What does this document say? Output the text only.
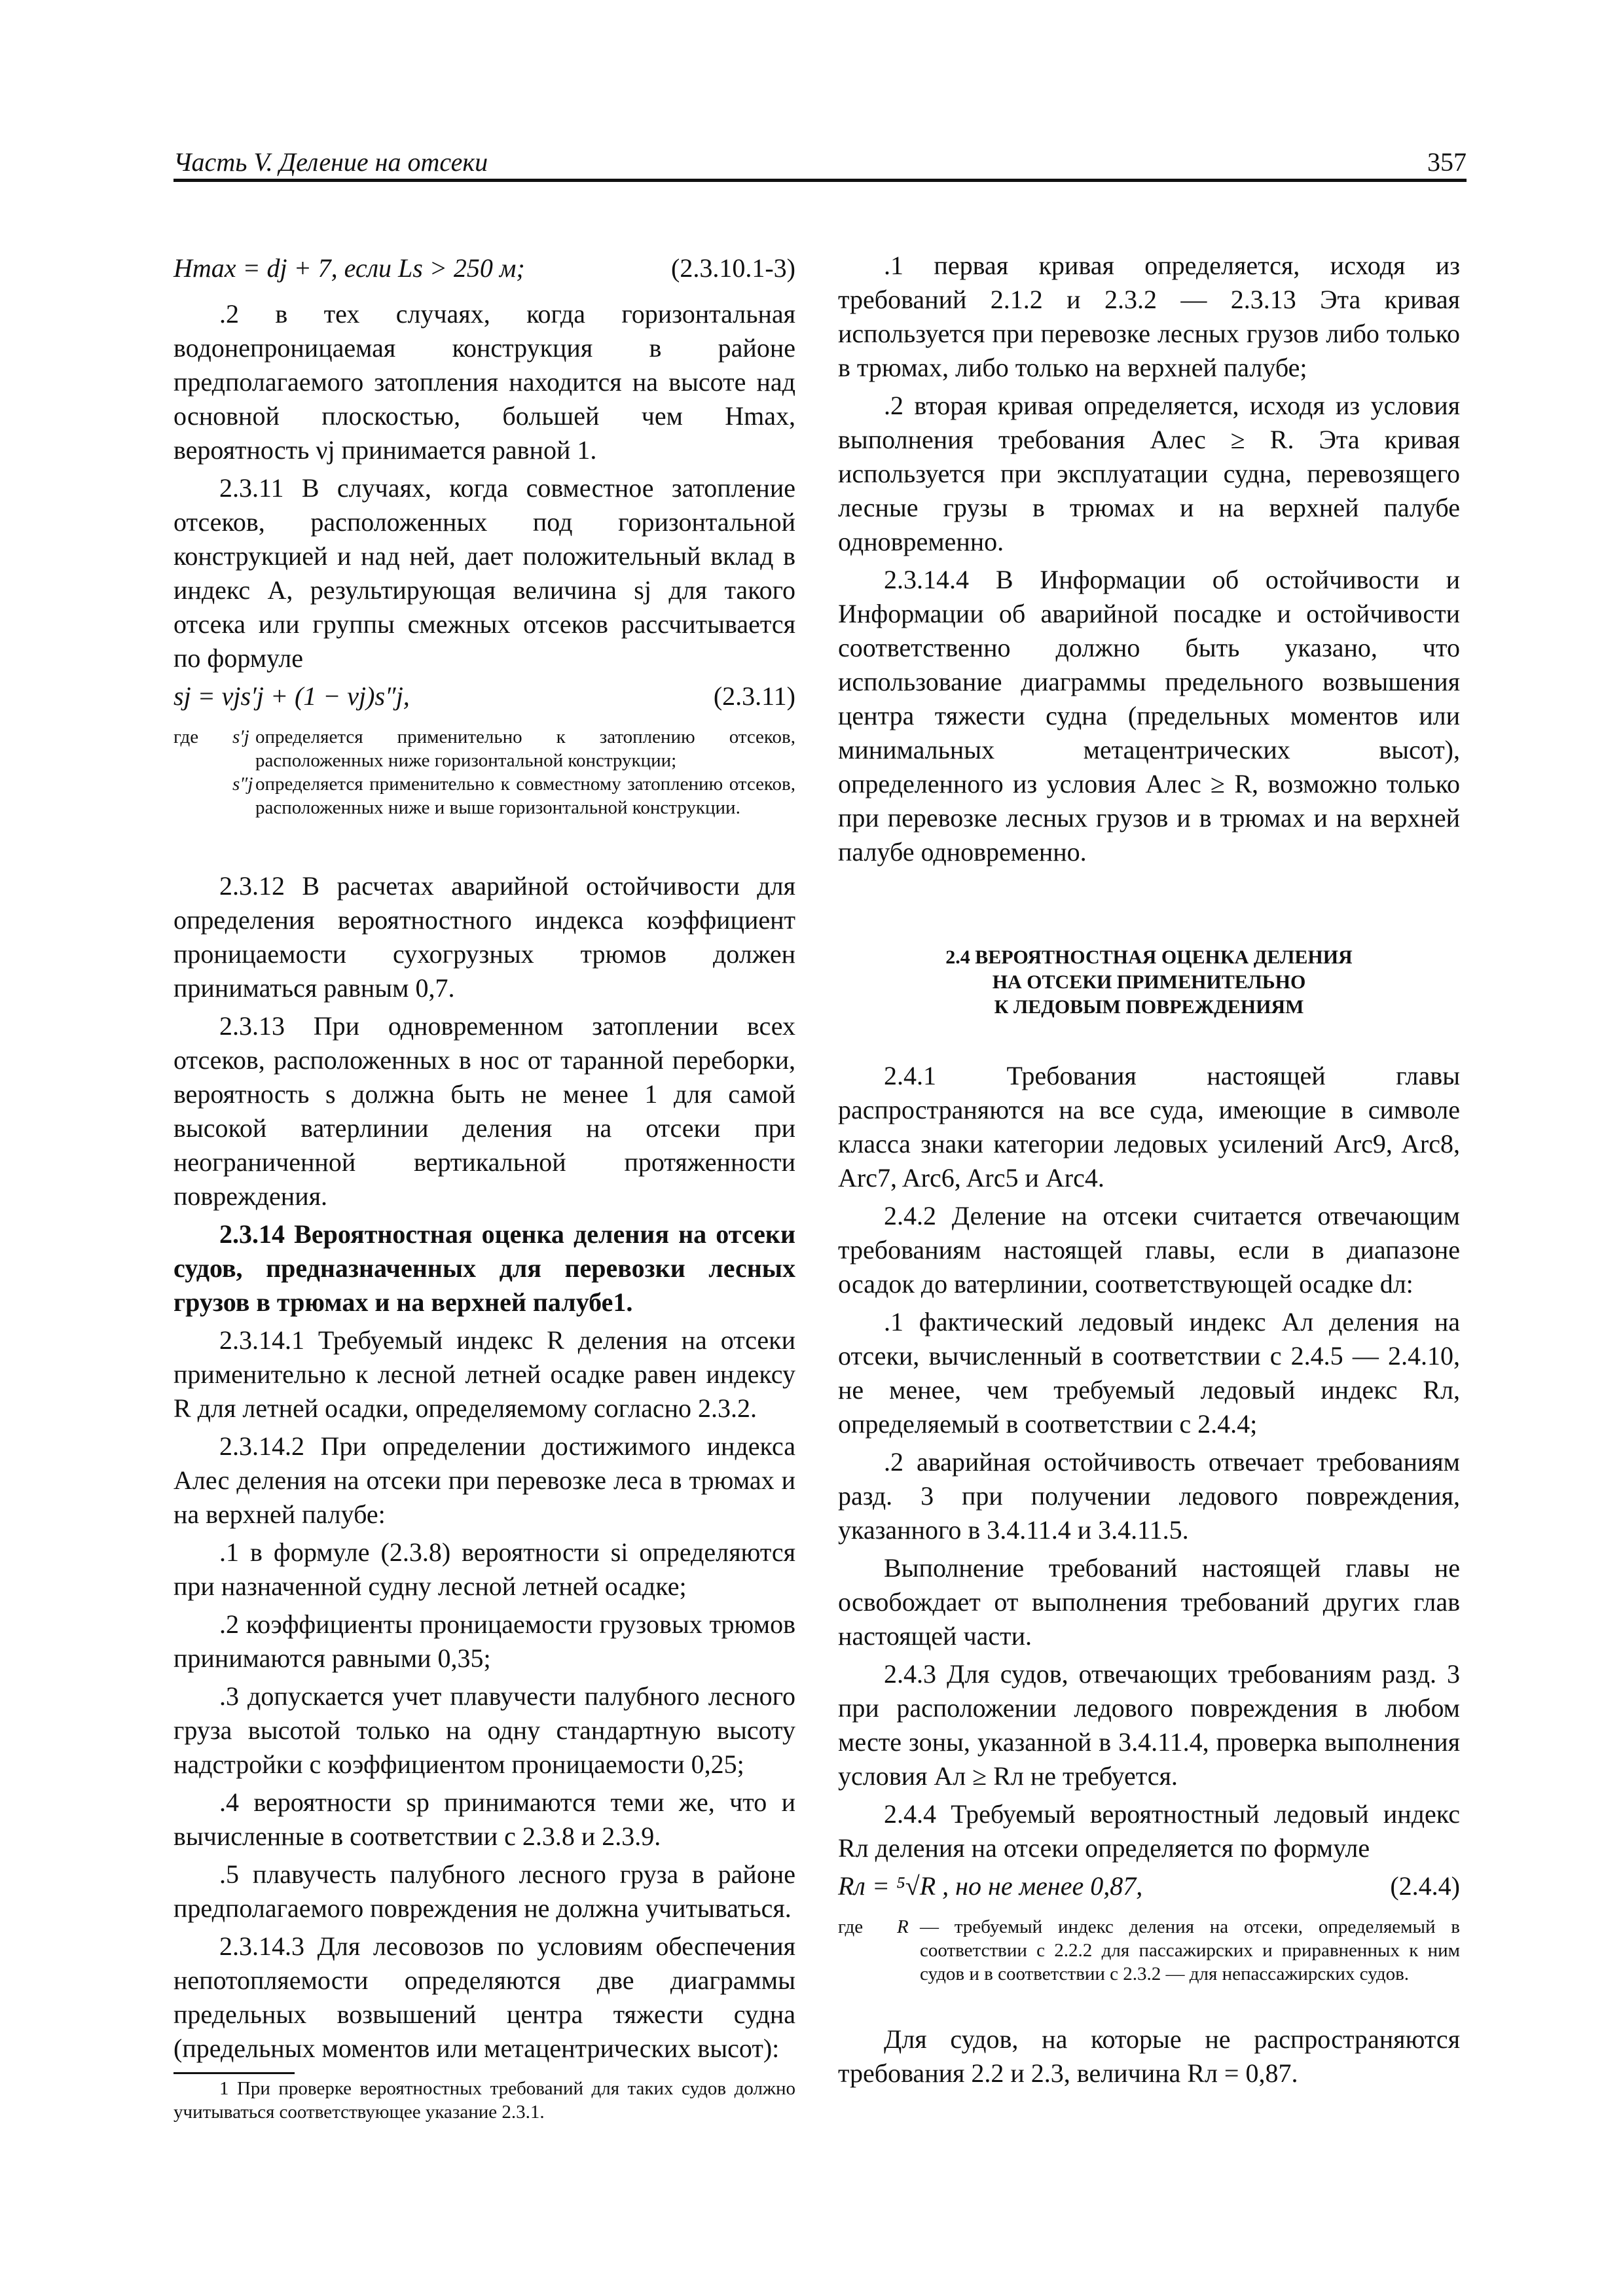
Часть V. Деление на отсеки	357
Hmax = dj + 7, если Ls > 250 м;	(2.3.10.1-3)

.2 в тех случаях, когда горизонтальная водонепроницаемая конструкция в районе предполагаемого затопления находится на высоте над основной плоскостью, большей чем Hmax, вероятность νj принимается равной 1.

2.3.11 В случаях, когда совместное затопление отсеков, расположенных под горизонтальной конструкцией и над ней, дает положительный вклад в индекс A, результирующая величина sj для такого отсека или группы смежных отсеков рассчитывается по формуле

sj = νjs′j + (1 − νj)s″j,	(2.3.11)
где s′j определяется применительно к затоплению отсеков, расположенных ниже горизонтальной конструкции;
s″j определяется применительно к совместному затоплению отсеков, расположенных ниже и выше горизонтальной конструкции.

2.3.12 В расчетах аварийной остойчивости для определения вероятностного индекса коэффициент проницаемости сухогрузных трюмов должен приниматься равным 0,7.

2.3.13 При одновременном затоплении всех отсеков, расположенных в нос от таранной переборки, вероятность s должна быть не менее 1 для самой высокой ватерлинии деления на отсеки при неограниченной вертикальной протяженности повреждения.

2.3.14 Вероятностная оценка деления на отсеки судов, предназначенных для перевозки лесных грузов в трюмах и на верхней палубе1.

2.3.14.1 Требуемый индекс R деления на отсеки применительно к лесной летней осадке равен индексу R для летней осадки, определяемому согласно 2.3.2.

2.3.14.2 При определении достижимого индекса Aлес деления на отсеки при перевозке леса в трюмах и на верхней палубе:

.1 в формуле (2.3.8) вероятности si определяются при назначенной судну лесной летней осадке;

.2 коэффициенты проницаемости грузовых трюмов принимаются равными 0,35;

.3 допускается учет плавучести палубного лесного груза высотой только на одну стандартную высоту надстройки с коэффициентом проницаемости 0,25;

.4 вероятности sp принимаются теми же, что и вычисленные в соответствии с 2.3.8 и 2.3.9.

.5 плавучесть палубного лесного груза в районе предполагаемого повреждения не должна учитываться.

2.3.14.3 Для лесовозов по условиям обеспечения непотопляемости определяются две диаграммы предельных возвышений центра тяжести судна (предельных моментов или метацентрических высот):

1 При проверке вероятностных требований для таких судов должно учитываться соответствующее указание 2.3.1.

.1 первая кривая определяется, исходя из требований 2.1.2 и 2.3.2 — 2.3.13 Эта кривая используется при перевозке лесных грузов либо только в трюмах, либо только на верхней палубе;

.2 вторая кривая определяется, исходя из условия выполнения требования Aлес ≥ R. Эта кривая используется при эксплуатации судна, перевозящего лесные грузы в трюмах и на верхней палубе одновременно.

2.3.14.4 В Информации об остойчивости и Информации об аварийной посадке и остойчивости соответственно должно быть указано, что использование диаграммы предельного возвышения центра тяжести судна (предельных моментов или минимальных метацентрических высот), определенного из условия Aлес ≥ R, возможно только при перевозке лесных грузов и в трюмах и на верхней палубе одновременно.

2.4 ВЕРОЯТНОСТНАЯ ОЦЕНКА ДЕЛЕНИЯ
НА ОТСЕКИ ПРИМЕНИТЕЛЬНО
К ЛЕДОВЫМ ПОВРЕЖДЕНИЯМ

2.4.1 Требования настоящей главы распространяются на все суда, имеющие в символе класса знаки категории ледовых усилений Arc9, Arc8, Arc7, Arc6, Arc5 и Arc4.

2.4.2 Деление на отсеки считается отвечающим требованиям настоящей главы, если в диапазоне осадок до ватерлинии, соответствующей осадке dл:

.1 фактический ледовый индекс Aл деления на отсеки, вычисленный в соответствии с 2.4.5 — 2.4.10, не менее, чем требуемый ледовый индекс Rл, определяемый в соответствии с 2.4.4;

.2 аварийная остойчивость отвечает требованиям разд. 3 при получении ледового повреждения, указанного в 3.4.11.4 и 3.4.11.5.

Выполнение требований настоящей главы не освобождает от выполнения требований других глав настоящей части.

2.4.3 Для судов, отвечающих требованиям разд. 3 при расположении ледового повреждения в любом месте зоны, указанной в 3.4.11.4, проверка выполнения условия Aл ≥ Rл не требуется.

2.4.4 Требуемый вероятностный ледовый индекс Rл деления на отсеки определяется по формуле

Rл = ⁵√R , но не менее 0,87,	(2.4.4)
где R — требуемый индекс деления на отсеки, определяемый в соответствии с 2.2.2 для пассажирских и приравненных к ним судов и в соответствии с 2.3.2 — для непассажирских судов.

Для судов, на которые не распространяются требования 2.2 и 2.3, величина Rл = 0,87.
